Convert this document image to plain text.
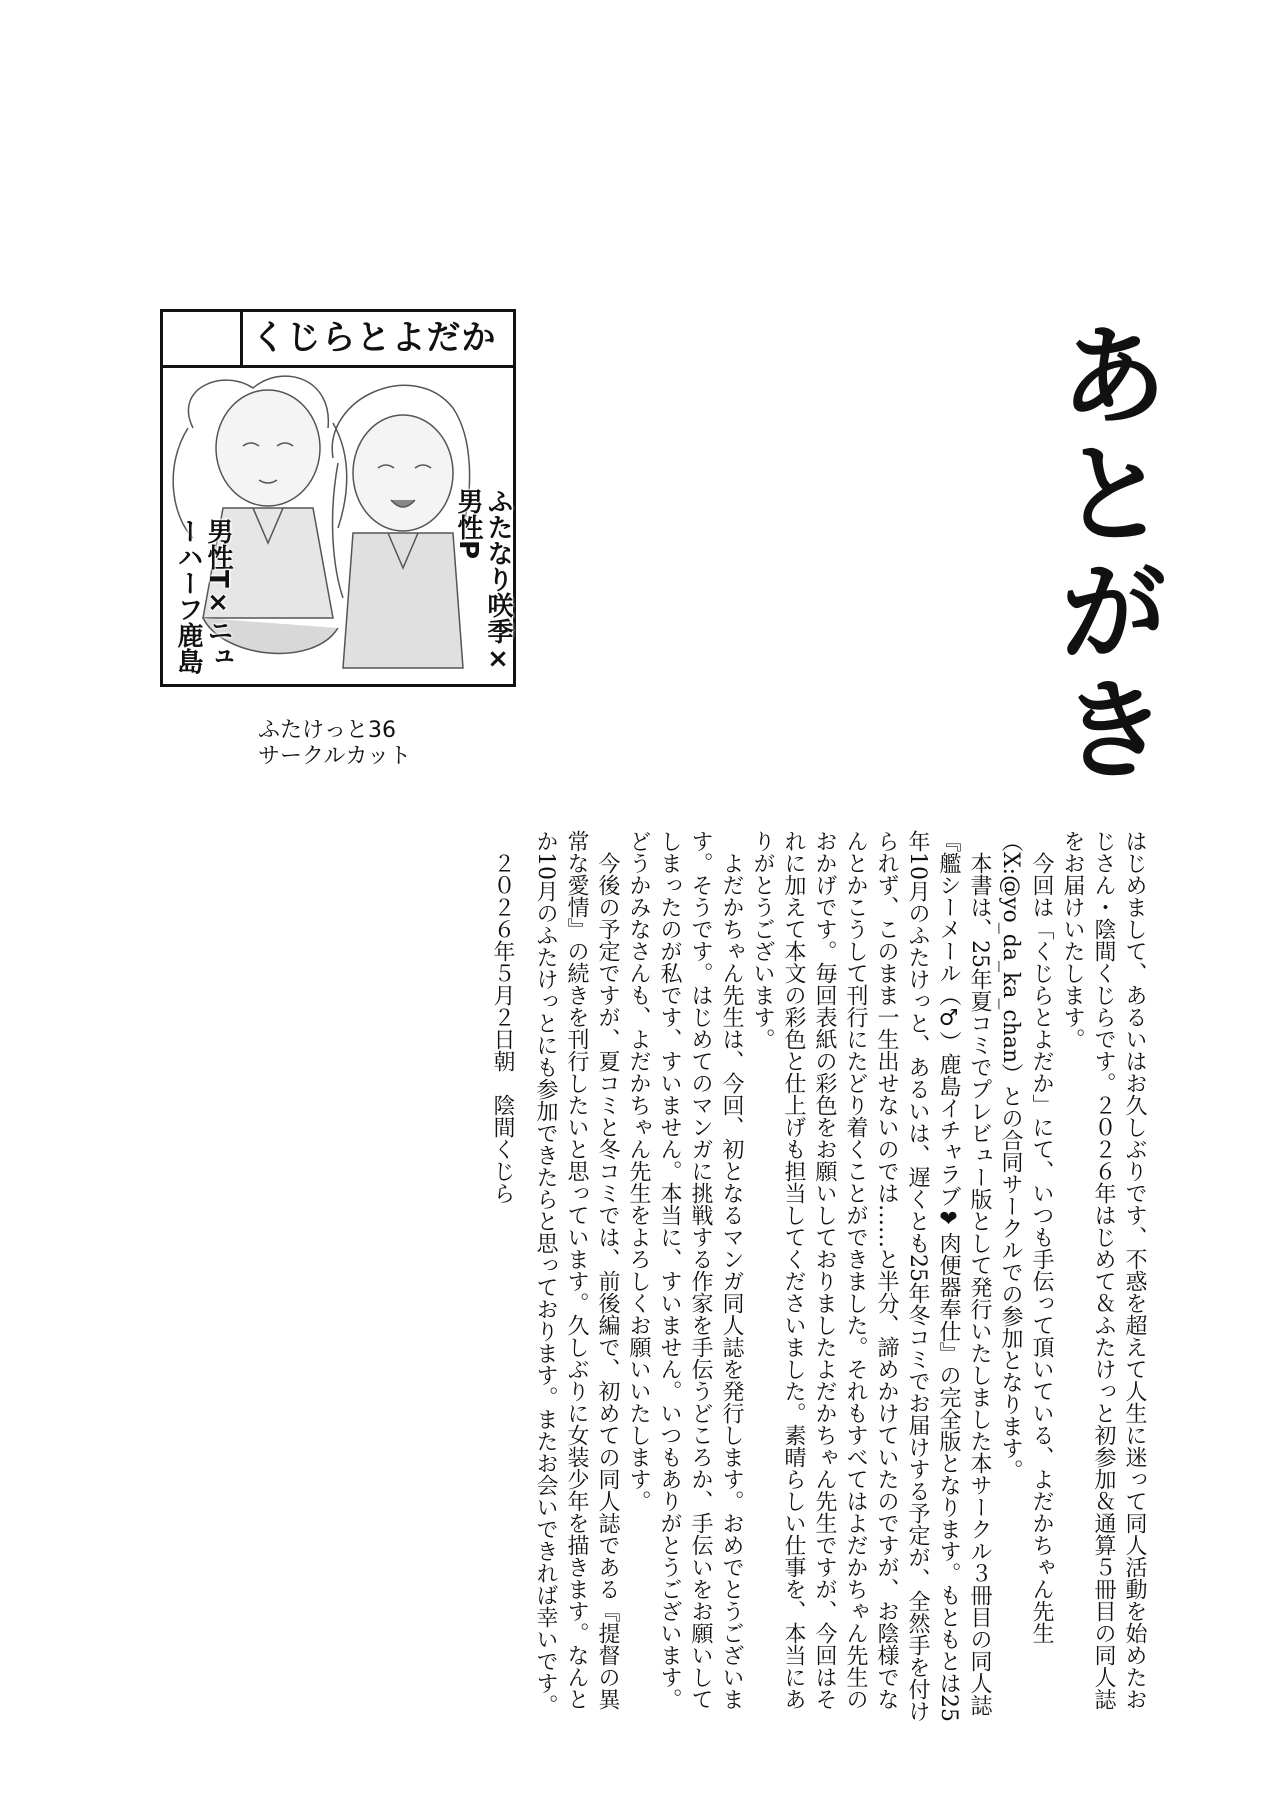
あとがき
くじらとよだか
男性T×ニューハーフ鹿島	ふたなり咲季×男性P
ふたけっと36
サークルカット

はじめまして、あるいはお久しぶりです、不惑を超えて人生に迷って同人活動を始めたおじさん・陰間くじらです。２０２６年はじめて＆ふたけっと初参加＆通算５冊目の同人誌をお届けいたします。

今回は「くじらとよだか」にて、いつも手伝って頂いている、よだかちゃん先生（X:@yo_da_ka_chan）との合同サークルでの参加となります。

本書は、25年夏コミでプレビュー版として発行いたしました本サークル３冊目の同人誌『艦シーメール（♂）鹿島イチャラブ❤肉便器奉仕』の完全版となります。もともとは25年10月のふたけっと、あるいは、遅くとも25年冬コミでお届けする予定が、全然手を付けられず、このまま一生出せないのでは……と半分、諦めかけていたのですが、お陰様でなんとかこうして刊行にたどり着くことができました。それもすべてはよだかちゃん先生のおかげです。毎回表紙の彩色をお願いしておりましたよだかちゃん先生ですが、今回はそれに加えて本文の彩色と仕上げも担当してくださいました。素晴らしい仕事を、本当にありがとうございます。

よだかちゃん先生は、今回、初となるマンガ同人誌を発行します。おめでとうございます。そうです。はじめてのマンガに挑戦する作家を手伝うどころか、手伝いをお願いしてしまったのが私です、すいません。本当に、すいません。いつもありがとうございます。どうかみなさんも、よだかちゃん先生をよろしくお願いいたします。

今後の予定ですが、夏コミと冬コミでは、前後編で、初めての同人誌である『提督の異常な愛情』の続きを刊行したいと思っています。久しぶりに女装少年を描きます。なんとか10月のふたけっとにも参加できたらと思っております。またお会いできれば幸いです。

２０２６年５月２日朝　陰間くじら
